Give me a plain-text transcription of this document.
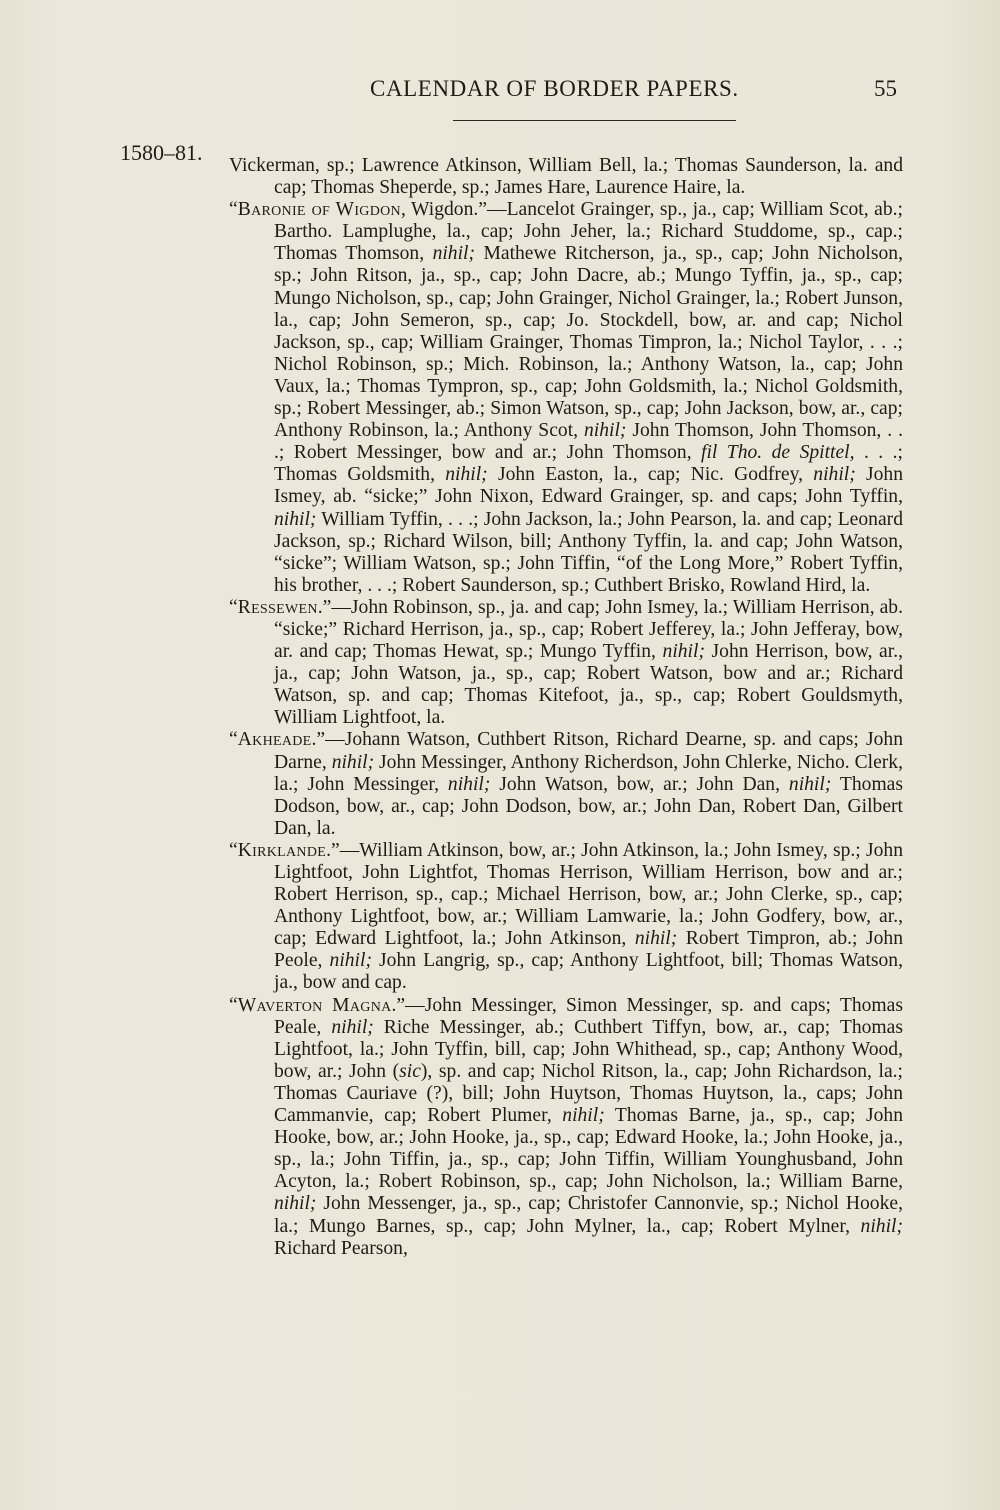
CALENDAR OF BORDER PAPERS.	55
1580–81.

Vickerman, sp.; Lawrence Atkinson, William Bell, la.; Thomas Saunderson, la. and cap; Thomas Sheperde, sp.; James Hare, Laurence Haire, la.

“Baronie of Wigdon, Wigdon.”—Lancelot Grainger, sp., ja., cap; William Scot, ab.; Bartho. Lamplughe, la., cap; John Jeher, la.; Richard Studdome, sp., cap.; Thomas Thomson, nihil; Mathewe Ritcherson, ja., sp., cap; John Nicholson, sp.; John Ritson, ja., sp., cap; John Dacre, ab.; Mungo Tyffin, ja., sp., cap; Mungo Nicholson, sp., cap; John Grainger, Nichol Grainger, la.; Robert Junson, la., cap; John Semeron, sp., cap; Jo. Stockdell, bow, ar. and cap; Nichol Jackson, sp., cap; William Grainger, Thomas Timpron, la.; Nichol Taylor, . . .; Nichol Robinson, sp.; Mich. Robinson, la.; Anthony Watson, la., cap; John Vaux, la.; Thomas Tympron, sp., cap; John Goldsmith, la.; Nichol Goldsmith, sp.; Robert Messinger, ab.; Simon Watson, sp., cap; John Jackson, bow, ar., cap; Anthony Robinson, la.; Anthony Scot, nihil; John Thomson, John Thomson, . . .; Robert Messinger, bow and ar.; John Thomson, fil Tho. de Spittel, . . .; Thomas Goldsmith, nihil; John Easton, la., cap; Nic. Godfrey, nihil; John Ismey, ab. “sicke;” John Nixon, Edward Grainger, sp. and caps; John Tyffin, nihil; William Tyffin, . . .; John Jackson, la.; John Pearson, la. and cap; Leonard Jackson, sp.; Richard Wilson, bill; Anthony Tyffin, la. and cap; John Watson, “sicke”; William Watson, sp.; John Tiffin, “of the Long More,” Robert Tyffin, his brother, . . .; Robert Saunderson, sp.; Cuthbert Brisko, Rowland Hird, la.

“Ressewen.”—John Robinson, sp., ja. and cap; John Ismey, la.; William Herrison, ab. “sicke;” Richard Herrison, ja., sp., cap; Robert Jefferey, la.; John Jefferay, bow, ar. and cap; Thomas Hewat, sp.; Mungo Tyffin, nihil; John Herrison, bow, ar., ja., cap; John Watson, ja., sp., cap; Robert Watson, bow and ar.; Richard Watson, sp. and cap; Thomas Kitefoot, ja., sp., cap; Robert Gouldsmyth, William Lightfoot, la.

“Akheade.”—Johann Watson, Cuthbert Ritson, Richard Dearne, sp. and caps; John Darne, nihil; John Messinger, Anthony Richerdson, John Chlerke, Nicho. Clerk, la.; John Messinger, nihil; John Watson, bow, ar.; John Dan, nihil; Thomas Dodson, bow, ar., cap; John Dodson, bow, ar.; John Dan, Robert Dan, Gilbert Dan, la.

“Kirklande.”—William Atkinson, bow, ar.; John Atkinson, la.; John Ismey, sp.; John Lightfoot, John Lightfot, Thomas Herrison, William Herrison, bow and ar.; Robert Herrison, sp., cap.; Michael Herrison, bow, ar.; John Clerke, sp., cap; Anthony Lightfoot, bow, ar.; William Lamwarie, la.; John Godfery, bow, ar., cap; Edward Lightfoot, la.; John Atkinson, nihil; Robert Timpron, ab.; John Peole, nihil; John Langrig, sp., cap; Anthony Lightfoot, bill; Thomas Watson, ja., bow and cap.

“Waverton Magna.”—John Messinger, Simon Messinger, sp. and caps; Thomas Peale, nihil; Riche Messinger, ab.; Cuthbert Tiffyn, bow, ar., cap; Thomas Lightfoot, la.; John Tyffin, bill, cap; John Whithead, sp., cap; Anthony Wood, bow, ar.; John (sic), sp. and cap; Nichol Ritson, la., cap; John Richardson, la.; Thomas Cauriave (?), bill; John Huytson, Thomas Huytson, la., caps; John Cammanvie, cap; Robert Plumer, nihil; Thomas Barne, ja., sp., cap; John Hooke, bow, ar.; John Hooke, ja., sp., cap; Edward Hooke, la.; John Hooke, ja., sp., la.; John Tiffin, ja., sp., cap; John Tiffin, William Younghusband, John Acyton, la.; Robert Robinson, sp., cap; John Nicholson, la.; William Barne, nihil; John Messenger, ja., sp., cap; Christofer Cannonvie, sp.; Nichol Hooke, la.; Mungo Barnes, sp., cap; John Mylner, la., cap; Robert Mylner, nihil; Richard Pearson,
